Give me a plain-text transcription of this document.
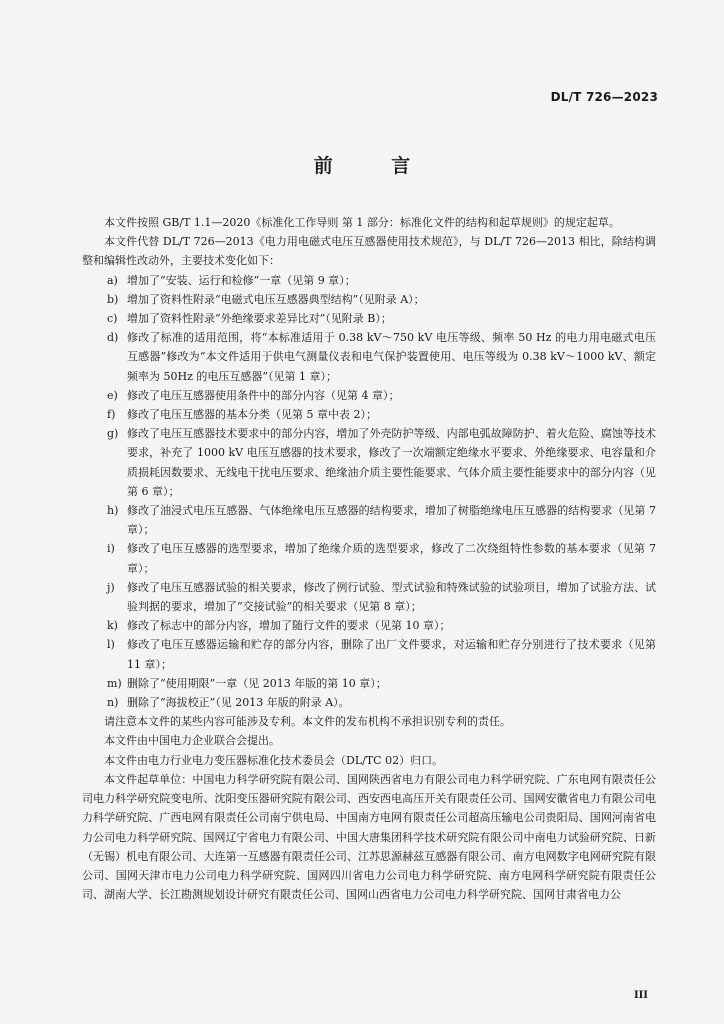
DL/T 726—2023
前 言

本文件按照 GB/T 1.1—2020《标准化工作导则 第 1 部分：标准化文件的结构和起草规则》的规定起草。

本文件代替 DL/T 726—2013《电力用电磁式电压互感器使用技术规范》，与 DL/T 726—2013 相比，除结构调整和编辑性改动外，主要技术变化如下：

a) 增加了“安装、运行和检修”一章（见第 9 章）；
b) 增加了资料性附录“电磁式电压互感器典型结构”（见附录 A）；
c) 增加了资料性附录“外绝缘要求差异比对”（见附录 B）；
d) 修改了标准的适用范围，将“本标准适用于 0.38 kV～750 kV 电压等级、频率 50 Hz 的电力用电磁式电压互感器”修改为“本文件适用于供电气测量仪表和电气保护装置使用、电压等级为 0.38 kV～1000 kV、额定频率为 50Hz 的电压互感器”（见第 1 章）；
e) 修改了电压互感器使用条件中的部分内容（见第 4 章）；
f)	修改了电压互感器的基本分类（见第 5 章中表 2）；
g) 修改了电压互感器技术要求中的部分内容，增加了外壳防护等级、内部电弧故障防护、着火危险、腐蚀等技术要求，补充了 1000 kV 电压互感器的技术要求，修改了一次端额定绝缘水平要求、外绝缘要求、电容量和介质损耗因数要求、无线电干扰电压要求、绝缘油介质主要性能要求、气体介质主要性能要求中的部分内容（见第 6 章）；
h) 修改了油浸式电压互感器、气体绝缘电压互感器的结构要求，增加了树脂绝缘电压互感器的结构要求（见第 7 章）；
i)	修改了电压互感器的选型要求，增加了绝缘介质的选型要求，修改了二次绕组特性参数的基本要求（见第 7 章）；
j)	修改了电压互感器试验的相关要求，修改了例行试验、型式试验和特殊试验的试验项目，增加了试验方法、试验判据的要求，增加了“交接试验”的相关要求（见第 8 章）；
k) 修改了标志中的部分内容，增加了随行文件的要求（见第 10 章）；
l)	修改了电压互感器运输和贮存的部分内容，删除了出厂文件要求，对运输和贮存分别进行了技术要求（见第 11 章）；
m) 删除了“使用期限”一章（见 2013 年版的第 10 章）；
n) 删除了“海拔校正”（见 2013 年版的附录 A）。

请注意本文件的某些内容可能涉及专利。本文件的发布机构不承担识别专利的责任。

本文件由中国电力企业联合会提出。

本文件由电力行业电力变压器标准化技术委员会（DL/TC 02）归口。

本文件起草单位：中国电力科学研究院有限公司、国网陕西省电力有限公司电力科学研究院、广东电网有限责任公司电力科学研究院变电所、沈阳变压器研究院有限公司、西安西电高压开关有限责任公司、国网安徽省电力有限公司电力科学研究院、广西电网有限责任公司南宁供电局、中国南方电网有限责任公司超高压输电公司贵阳局、国网河南省电力公司电力科学研究院、国网辽宁省电力有限公司、中国大唐集团科学技术研究院有限公司中南电力试验研究院、日新（无锡）机电有限公司、大连第一互感器有限责任公司、江苏思源赫兹互感器有限公司、南方电网数字电网研究院有限公司、国网天津市电力公司电力科学研究院、国网四川省电力公司电力科学研究院、南方电网科学研究院有限责任公司、湖南大学、长江勘测规划设计研究有限责任公司、国网山西省电力公司电力科学研究院、国网甘肃省电力公

III
